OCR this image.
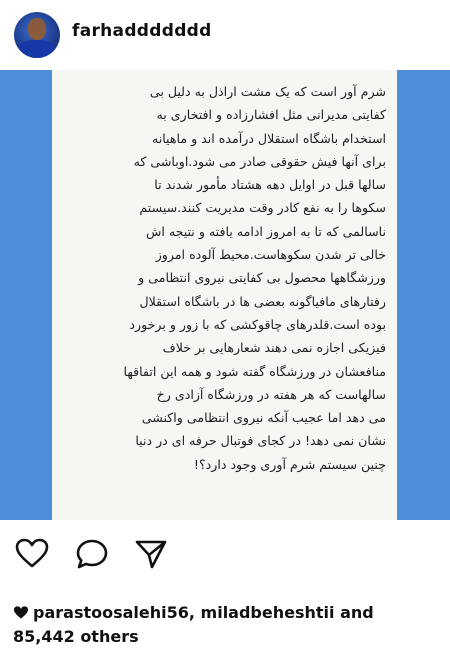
farhaddddddd
شرم آور است که یک مشت اراذل به دلیل بی
کفایتی مدیرانی مثل افشارزاده و افتخاری به
استخدام باشگاه استقلال درآمده اند و ماهیانه
برای آنها فیش حقوقی صادر می شود.اوباشی که
سالها قبل در اوایل دهه هشتاد مأمور شدند تا
سکوها را به نفع کادر وقت مدیریت کنند.سیستم
ناسالمی که تا به امروز ادامه یافته و نتیجه اش
خالی تر شدن سکوهاست.محیط آلوده امروز
ورزشگاهها محصول بی کفایتی نیروی انتظامی و
رفتارهای مافیاگونه بعضی ها در باشگاه استقلال
بوده است.قلدرهای چاقوکشی که با زور و برخورد
فیزیکی اجازه نمی دهند شعارهایی بر خلاف
منافعشان در ورزشگاه گفته شود و همه این اتفاقها
سالهاست که هر هفته در ورزشگاه آزادی رخ
می دهد اما عجیب آنکه نیروی انتظامی واکنشی
نشان نمی دهد! در کجای فوتبال حرفه ای در دنیا
چنین سیستم شرم آوری وجود دارد؟!
parastoosalehi56, miladbeheshtii and
85,442 others
